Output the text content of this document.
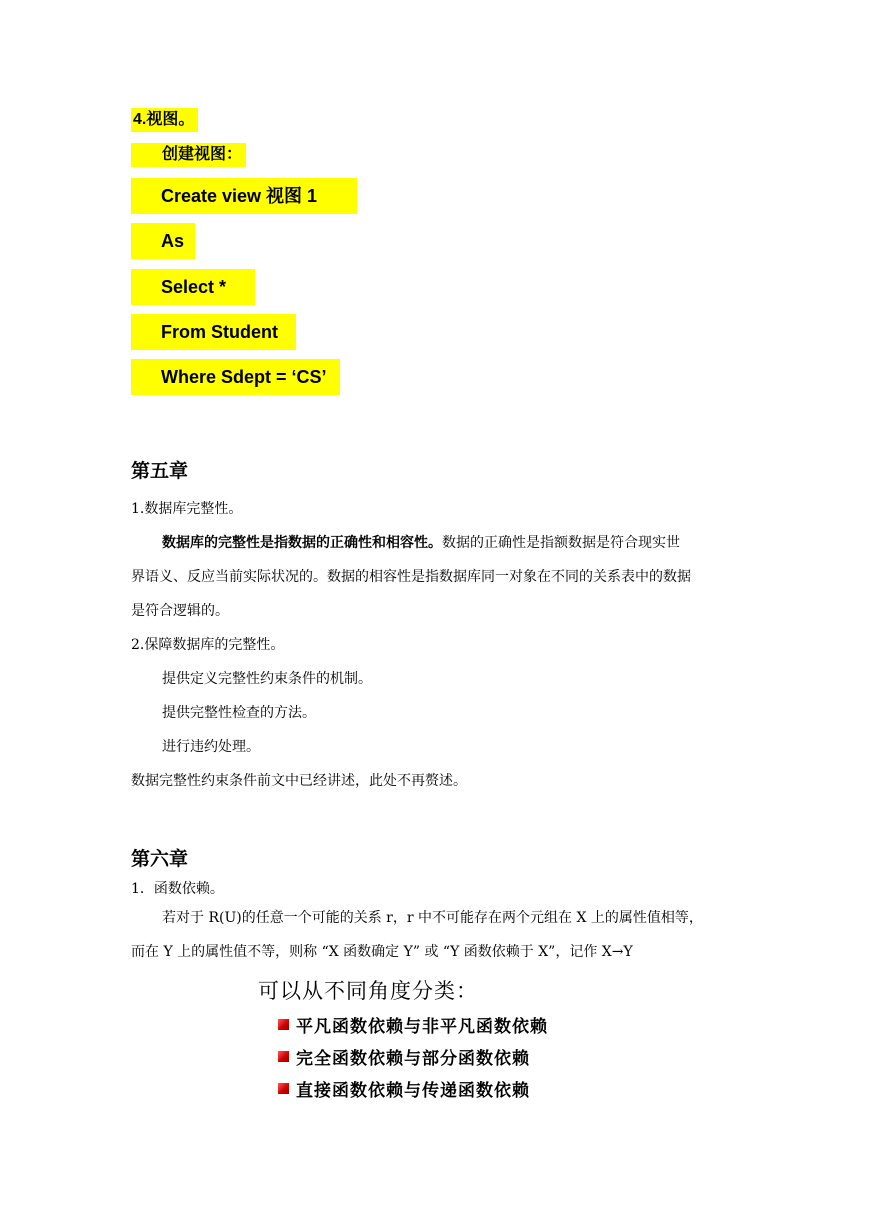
4.视图。
创建视图：
Create view 视图 1
As
Select *
From Student
Where Sdept = ‘CS’
第五章
1.数据库完整性。
数据库的完整性是指数据的正确性和相容性。数据的正确性是指额数据是符合现实世
界语义、反应当前实际状况的。数据的相容性是指数据库同一对象在不同的关系表中的数据
是符合逻辑的。
2.保障数据库的完整性。
提供定义完整性约束条件的机制。
提供完整性检查的方法。
进行违约处理。
数据完整性约束条件前文中已经讲述，此处不再赘述。
第六章
1．函数依赖。
若对于 R(U)的任意一个可能的关系 r，r 中不可能存在两个元组在 X 上的属性值相等，
而在 Y 上的属性值不等，则称 “X 函数确定 Y” 或 “Y 函数依赖于 X”，记作 X→Y
可以从不同角度分类：
平凡函数依赖与非平凡函数依赖
完全函数依赖与部分函数依赖
直接函数依赖与传递函数依赖
